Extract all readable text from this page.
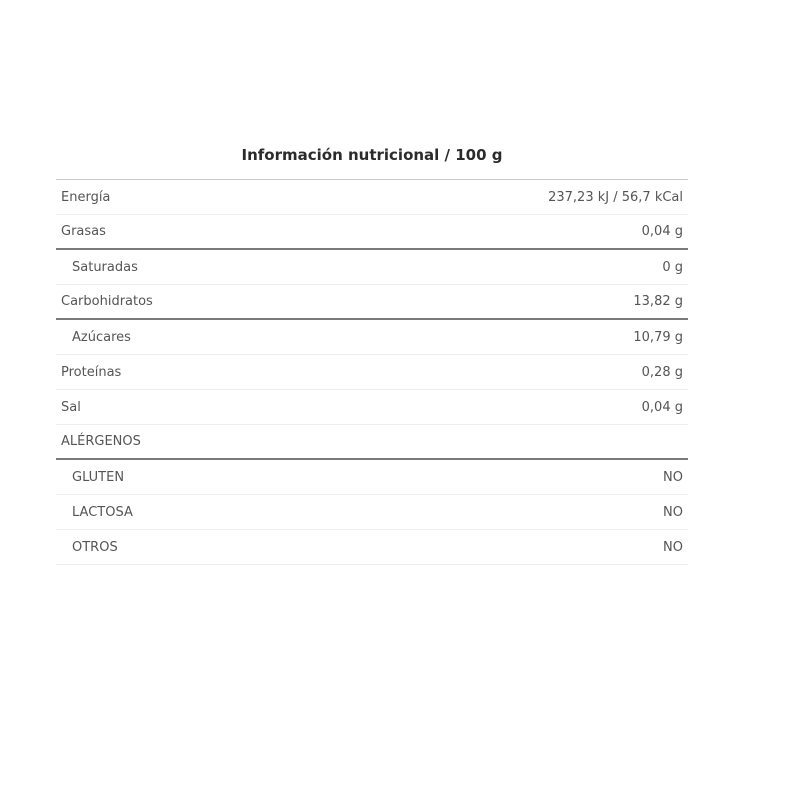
Información nutricional / 100 g
Energía	237,23 kJ / 56,7 kCal
Grasas	0,04 g
Saturadas	0 g
Carbohidratos	13,82 g
Azúcares	10,79 g
Proteínas	0,28 g
Sal	0,04 g
ALÉRGENOS
GLUTEN	NO
LACTOSA	NO
OTROS	NO
